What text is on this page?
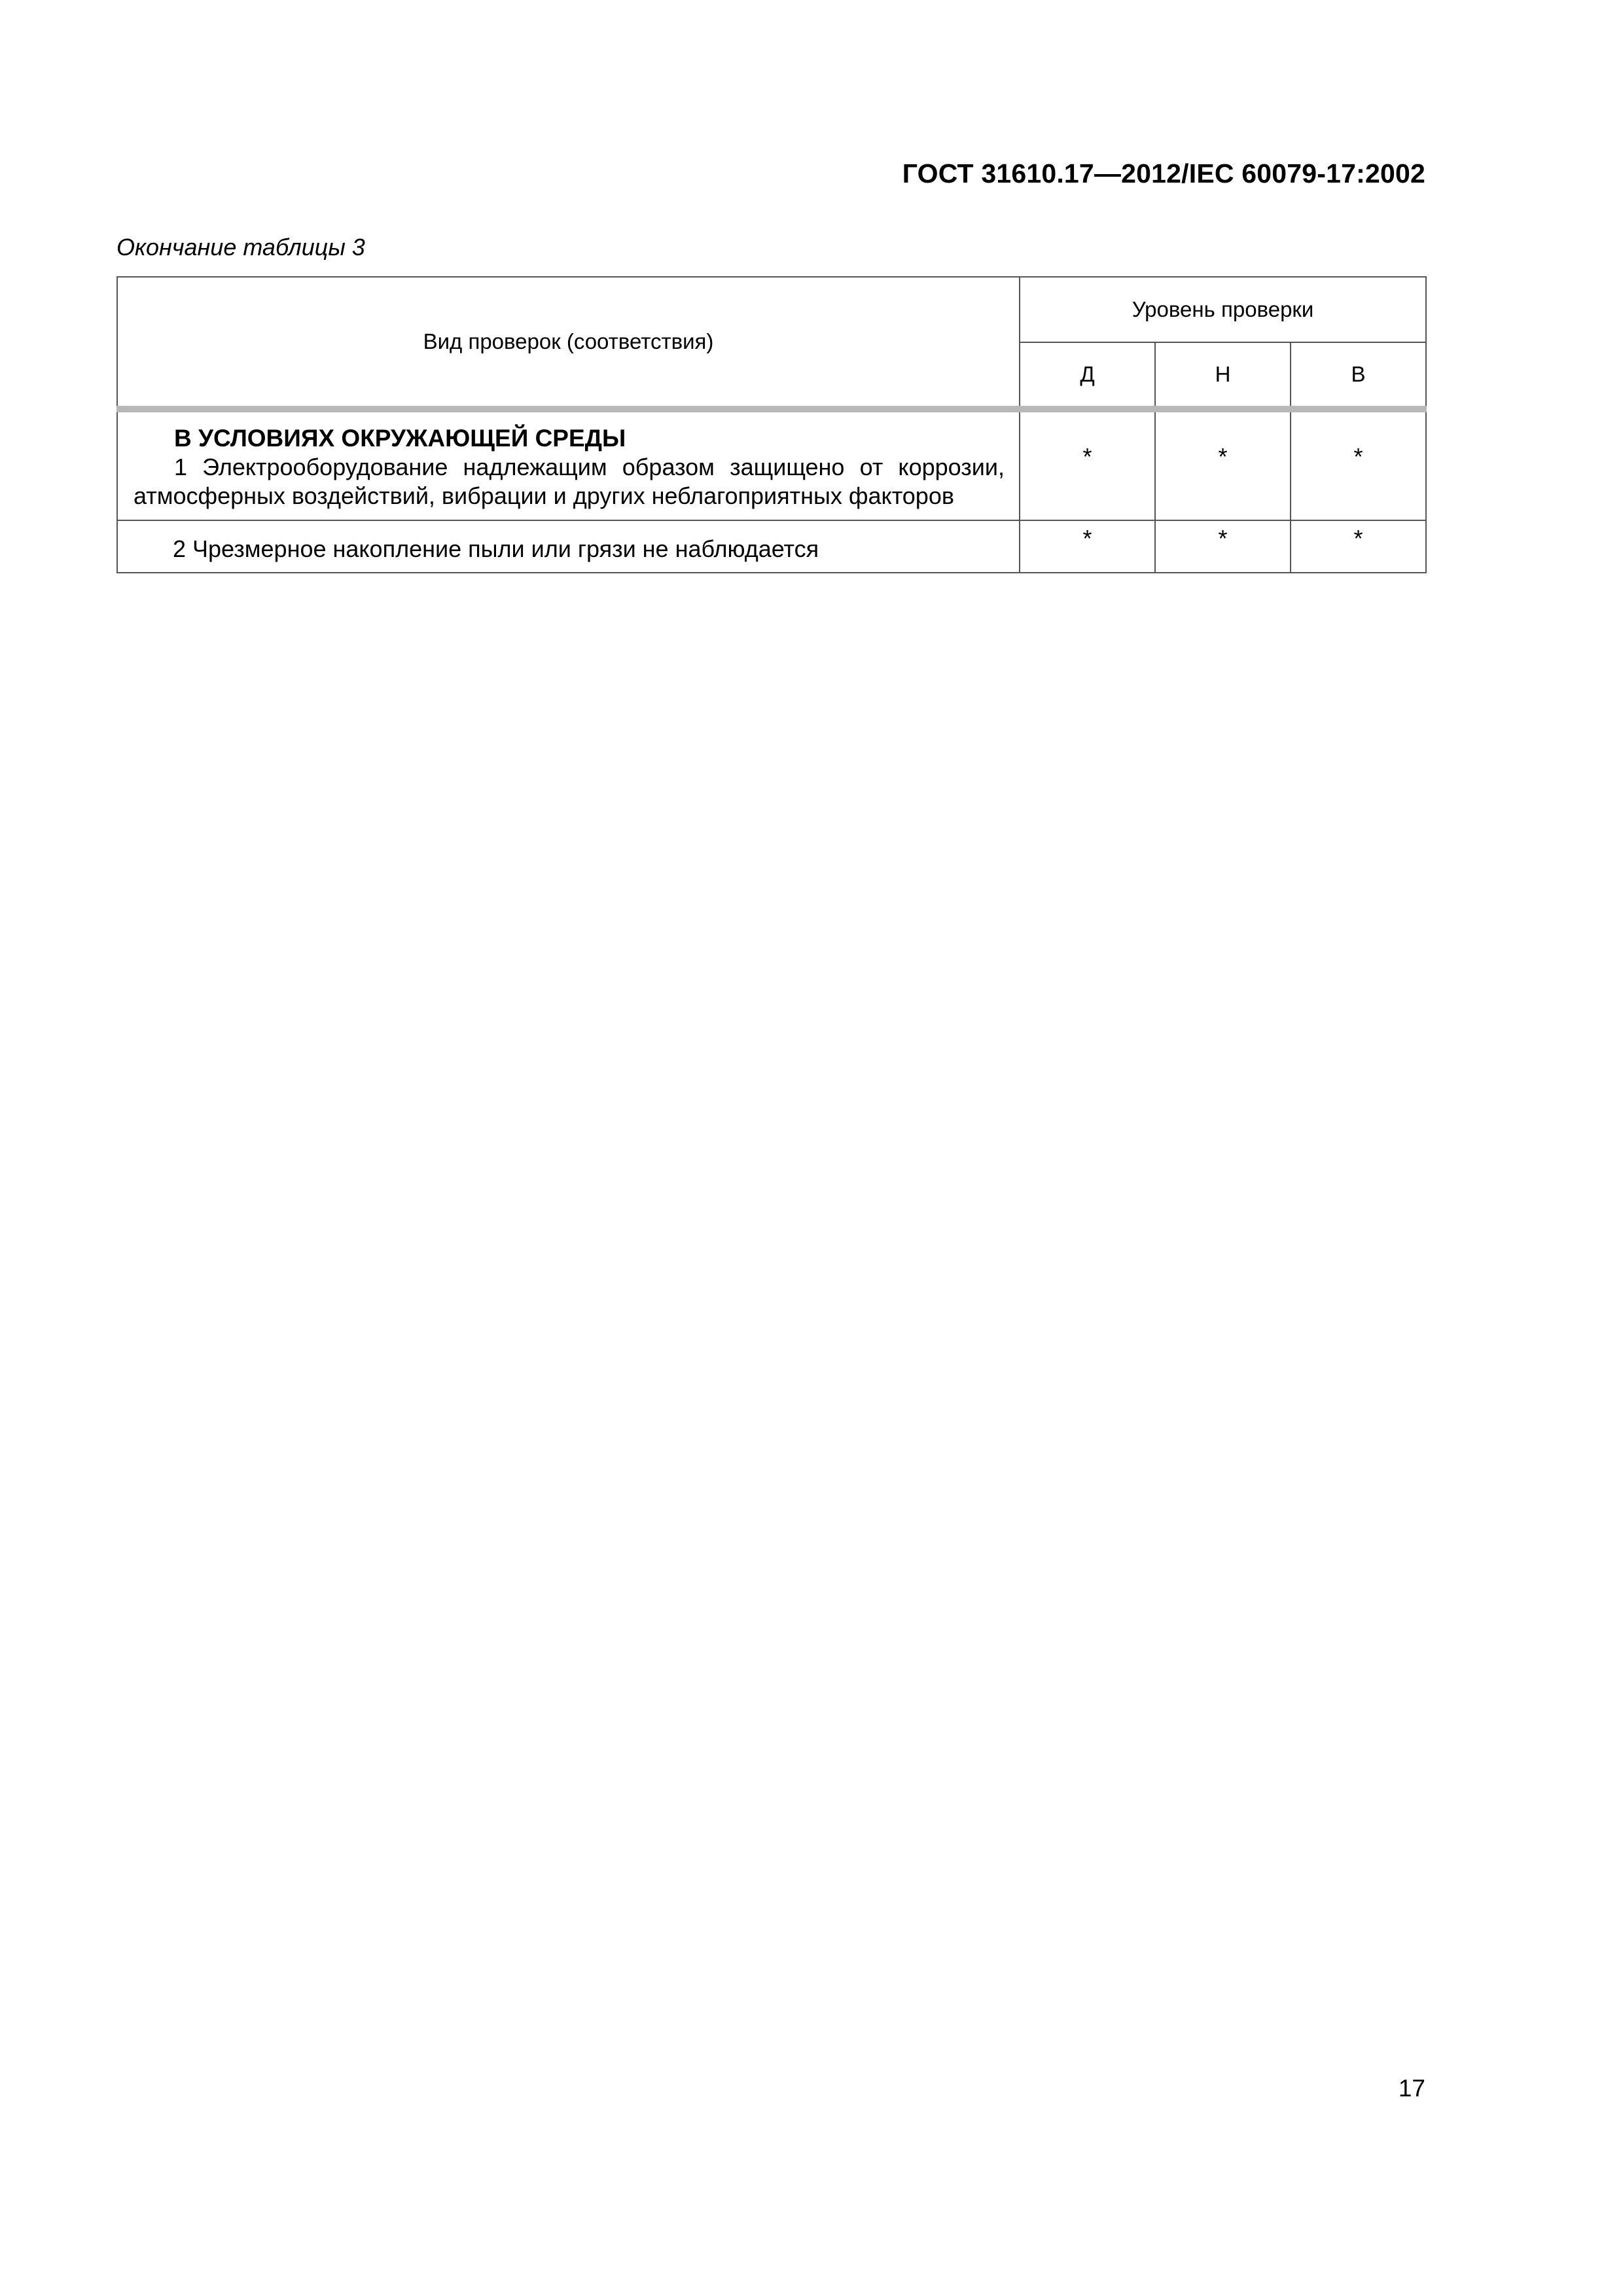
ГОСТ 31610.17—2012/IEC 60079-17:2002
Окончание таблицы 3
Вид проверок (соответствия)	Уровень проверки		
	Д	Н	В

В УСЛОВИЯХ ОКРУЖАЮЩЕЙ СРЕДЫ
1 Электрооборудование надлежащим образом защищено от коррозии, атмосферных воздействий, вибрации и других неблагоприятных факторов	*	*	*
2 Чрезмерное накопление пыли или грязи не наблюдается	*	*	*
17
